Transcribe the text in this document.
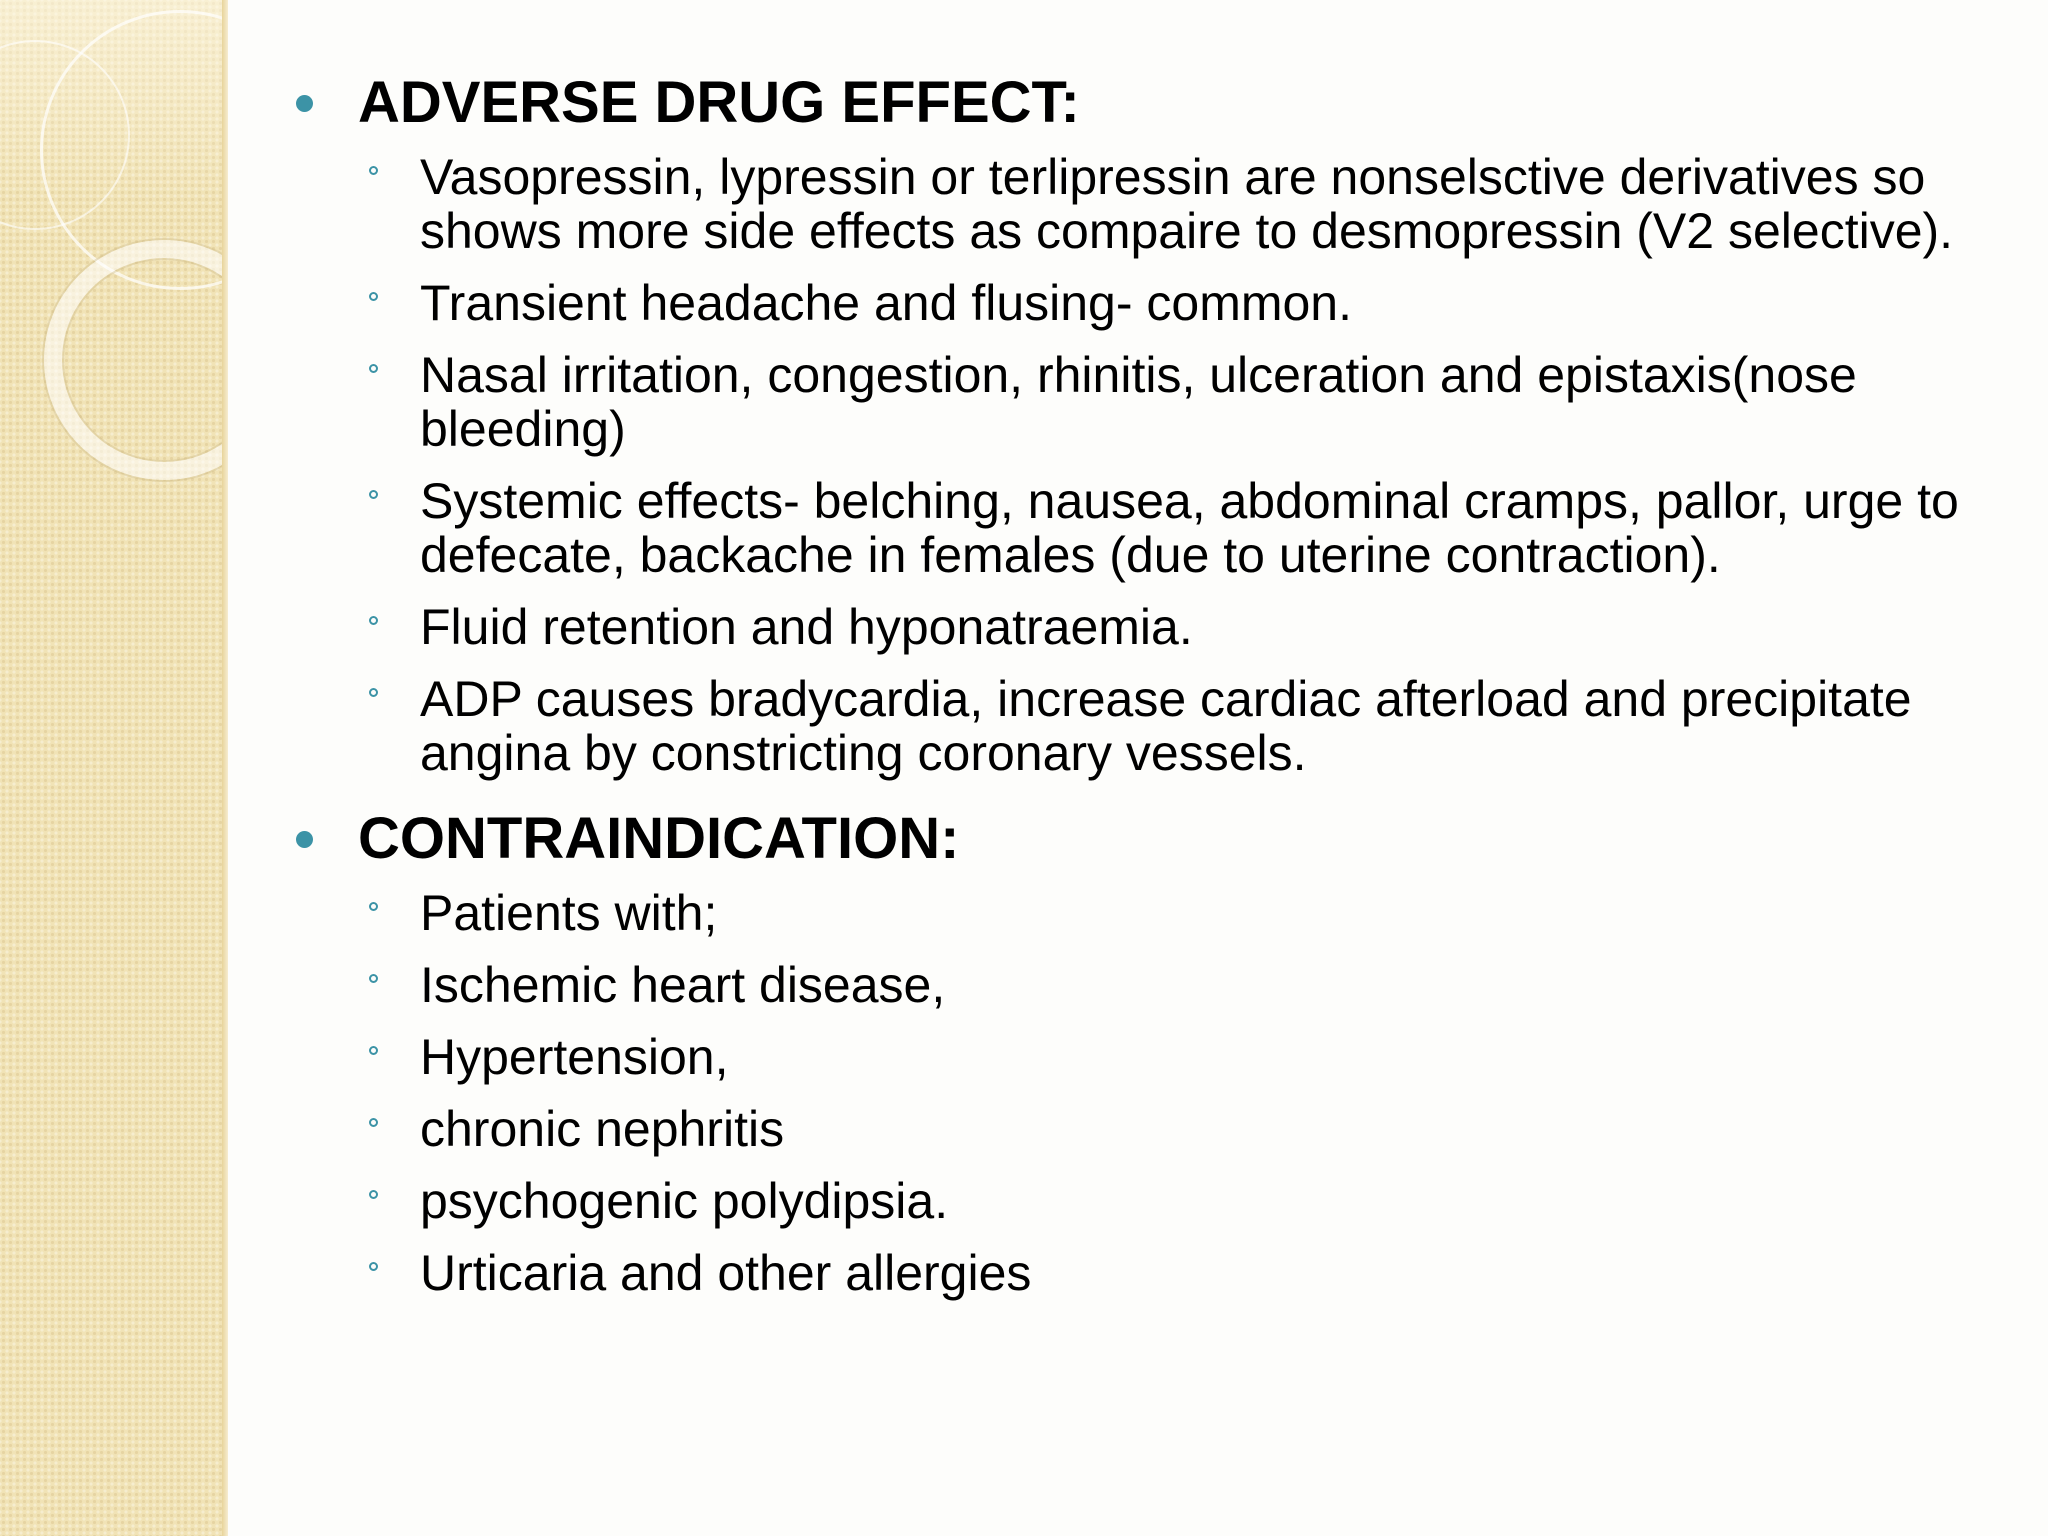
ADVERSE DRUG EFFECT:
Vasopressin, lypressin or terlipressin are nonselsctive derivatives so shows more side effects as compaire to desmopressin (V2 selective).
Transient headache and flusing- common.
Nasal irritation, congestion, rhinitis, ulceration and epistaxis(nose bleeding)
Systemic effects- belching, nausea, abdominal cramps, pallor, urge to defecate, backache in females (due to uterine contraction).
Fluid retention and hyponatraemia.
ADP causes bradycardia, increase cardiac afterload and precipitate angina by constricting coronary vessels.
CONTRAINDICATION:
Patients with;
Ischemic heart disease,
Hypertension,
chronic nephritis
psychogenic polydipsia.
Urticaria and other allergies
